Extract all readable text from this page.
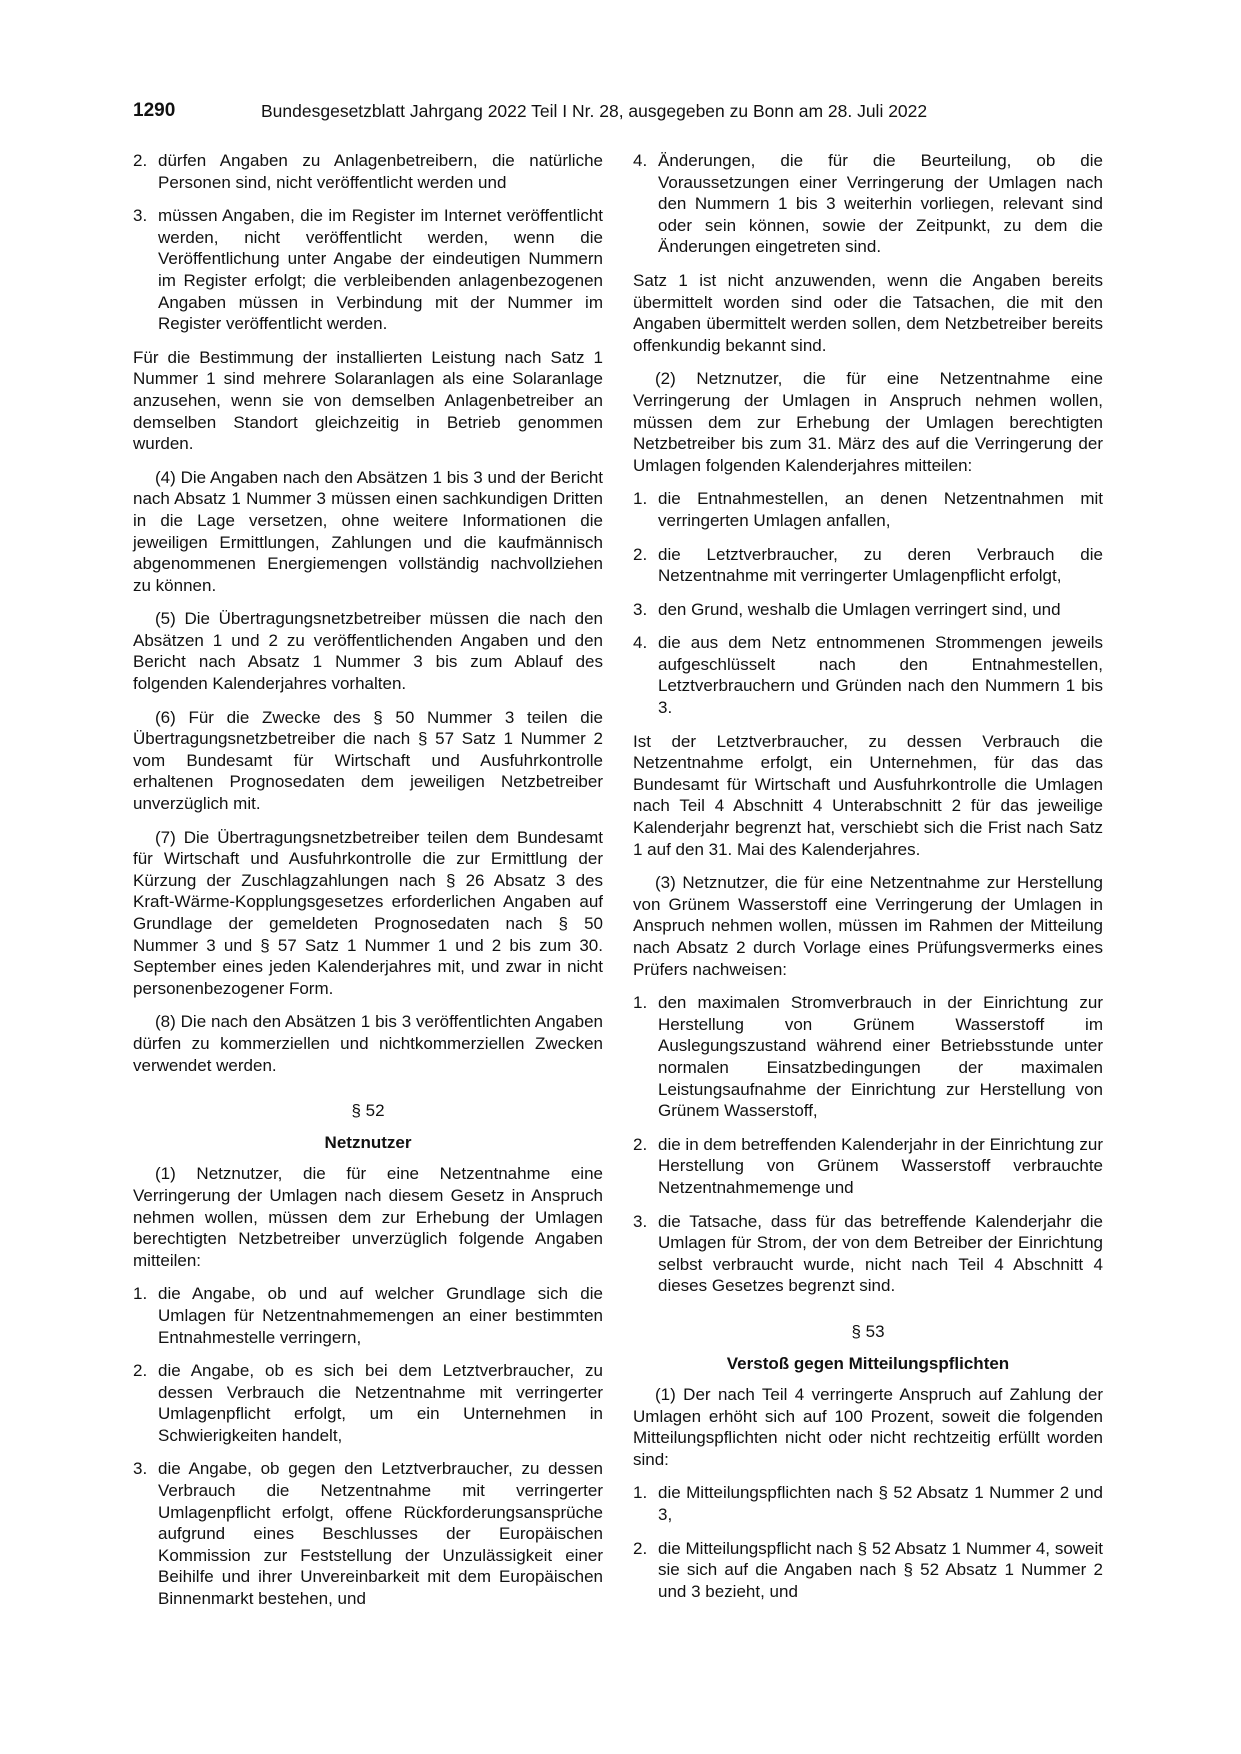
1290	Bundesgesetzblatt Jahrgang 2022 Teil I Nr. 28, ausgegeben zu Bonn am 28. Juli 2022
2. dürfen Angaben zu Anlagenbetreibern, die natürliche Personen sind, nicht veröffentlicht werden und
3. müssen Angaben, die im Register im Internet veröffentlicht werden, nicht veröffentlicht werden, wenn die Veröffentlichung unter Angabe der eindeutigen Nummern im Register erfolgt; die verbleibenden anlagenbezogenen Angaben müssen in Verbindung mit der Nummer im Register veröffentlicht werden.

Für die Bestimmung der installierten Leistung nach Satz 1 Nummer 1 sind mehrere Solaranlagen als eine Solaranlage anzusehen, wenn sie von demselben Anlagenbetreiber an demselben Standort gleichzeitig in Betrieb genommen wurden.

(4) Die Angaben nach den Absätzen 1 bis 3 und der Bericht nach Absatz 1 Nummer 3 müssen einen sachkundigen Dritten in die Lage versetzen, ohne weitere Informationen die jeweiligen Ermittlungen, Zahlungen und die kaufmännisch abgenommenen Energiemengen vollständig nachvollziehen zu können.

(5) Die Übertragungsnetzbetreiber müssen die nach den Absätzen 1 und 2 zu veröffentlichenden Angaben und den Bericht nach Absatz 1 Nummer 3 bis zum Ablauf des folgenden Kalenderjahres vorhalten.

(6) Für die Zwecke des § 50 Nummer 3 teilen die Übertragungsnetzbetreiber die nach § 57 Satz 1 Nummer 2 vom Bundesamt für Wirtschaft und Ausfuhrkontrolle erhaltenen Prognosedaten dem jeweiligen Netzbetreiber unverzüglich mit.

(7) Die Übertragungsnetzbetreiber teilen dem Bundesamt für Wirtschaft und Ausfuhrkontrolle die zur Ermittlung der Kürzung der Zuschlagzahlungen nach § 26 Absatz 3 des Kraft-Wärme-Kopplungsgesetzes erforderlichen Angaben auf Grundlage der gemeldeten Prognosedaten nach § 50 Nummer 3 und § 57 Satz 1 Nummer 1 und 2 bis zum 30. September eines jeden Kalenderjahres mit, und zwar in nicht personenbezogener Form.

(8) Die nach den Absätzen 1 bis 3 veröffentlichten Angaben dürfen zu kommerziellen und nichtkommerziellen Zwecken verwendet werden.

§ 52
Netznutzer

(1) Netznutzer, die für eine Netzentnahme eine Verringerung der Umlagen nach diesem Gesetz in Anspruch nehmen wollen, müssen dem zur Erhebung der Umlagen berechtigten Netzbetreiber unverzüglich folgende Angaben mitteilen:

1. die Angabe, ob und auf welcher Grundlage sich die Umlagen für Netzentnahmemengen an einer bestimmten Entnahmestelle verringern,
2. die Angabe, ob es sich bei dem Letztverbraucher, zu dessen Verbrauch die Netzentnahme mit verringerter Umlagenpflicht erfolgt, um ein Unternehmen in Schwierigkeiten handelt,
3. die Angabe, ob gegen den Letztverbraucher, zu dessen Verbrauch die Netzentnahme mit verringerter Umlagenpflicht erfolgt, offene Rückforderungsansprüche aufgrund eines Beschlusses der Europäischen Kommission zur Feststellung der Unzulässigkeit einer Beihilfe und ihrer Unvereinbarkeit mit dem Europäischen Binnenmarkt bestehen, und
4. Änderungen, die für die Beurteilung, ob die Voraussetzungen einer Verringerung der Umlagen nach den Nummern 1 bis 3 weiterhin vorliegen, relevant sind oder sein können, sowie der Zeitpunkt, zu dem die Änderungen eingetreten sind.

Satz 1 ist nicht anzuwenden, wenn die Angaben bereits übermittelt worden sind oder die Tatsachen, die mit den Angaben übermittelt werden sollen, dem Netzbetreiber bereits offenkundig bekannt sind.

(2) Netznutzer, die für eine Netzentnahme eine Verringerung der Umlagen in Anspruch nehmen wollen, müssen dem zur Erhebung der Umlagen berechtigten Netzbetreiber bis zum 31. März des auf die Verringerung der Umlagen folgenden Kalenderjahres mitteilen:

1. die Entnahmestellen, an denen Netzentnahmen mit verringerten Umlagen anfallen,
2. die Letztverbraucher, zu deren Verbrauch die Netzentnahme mit verringerter Umlagenpflicht erfolgt,
3. den Grund, weshalb die Umlagen verringert sind, und
4. die aus dem Netz entnommenen Strommengen jeweils aufgeschlüsselt nach den Entnahmestellen, Letztverbrauchern und Gründen nach den Nummern 1 bis 3.

Ist der Letztverbraucher, zu dessen Verbrauch die Netzentnahme erfolgt, ein Unternehmen, für das das Bundesamt für Wirtschaft und Ausfuhrkontrolle die Umlagen nach Teil 4 Abschnitt 4 Unterabschnitt 2 für das jeweilige Kalenderjahr begrenzt hat, verschiebt sich die Frist nach Satz 1 auf den 31. Mai des Kalenderjahres.

(3) Netznutzer, die für eine Netzentnahme zur Herstellung von Grünem Wasserstoff eine Verringerung der Umlagen in Anspruch nehmen wollen, müssen im Rahmen der Mitteilung nach Absatz 2 durch Vorlage eines Prüfungsvermerks eines Prüfers nachweisen:

1. den maximalen Stromverbrauch in der Einrichtung zur Herstellung von Grünem Wasserstoff im Auslegungszustand während einer Betriebsstunde unter normalen Einsatzbedingungen der maximalen Leistungsaufnahme der Einrichtung zur Herstellung von Grünem Wasserstoff,
2. die in dem betreffenden Kalenderjahr in der Einrichtung zur Herstellung von Grünem Wasserstoff verbrauchte Netzentnahmemenge und
3. die Tatsache, dass für das betreffende Kalenderjahr die Umlagen für Strom, der von dem Betreiber der Einrichtung selbst verbraucht wurde, nicht nach Teil 4 Abschnitt 4 dieses Gesetzes begrenzt sind.
§ 53
Verstoß gegen Mitteilungspflichten

(1) Der nach Teil 4 verringerte Anspruch auf Zahlung der Umlagen erhöht sich auf 100 Prozent, soweit die folgenden Mitteilungspflichten nicht oder nicht rechtzeitig erfüllt worden sind:

1. die Mitteilungspflichten nach § 52 Absatz 1 Nummer 2 und 3,
2. die Mitteilungspflicht nach § 52 Absatz 1 Nummer 4, soweit sie sich auf die Angaben nach § 52 Absatz 1 Nummer 2 und 3 bezieht, und
